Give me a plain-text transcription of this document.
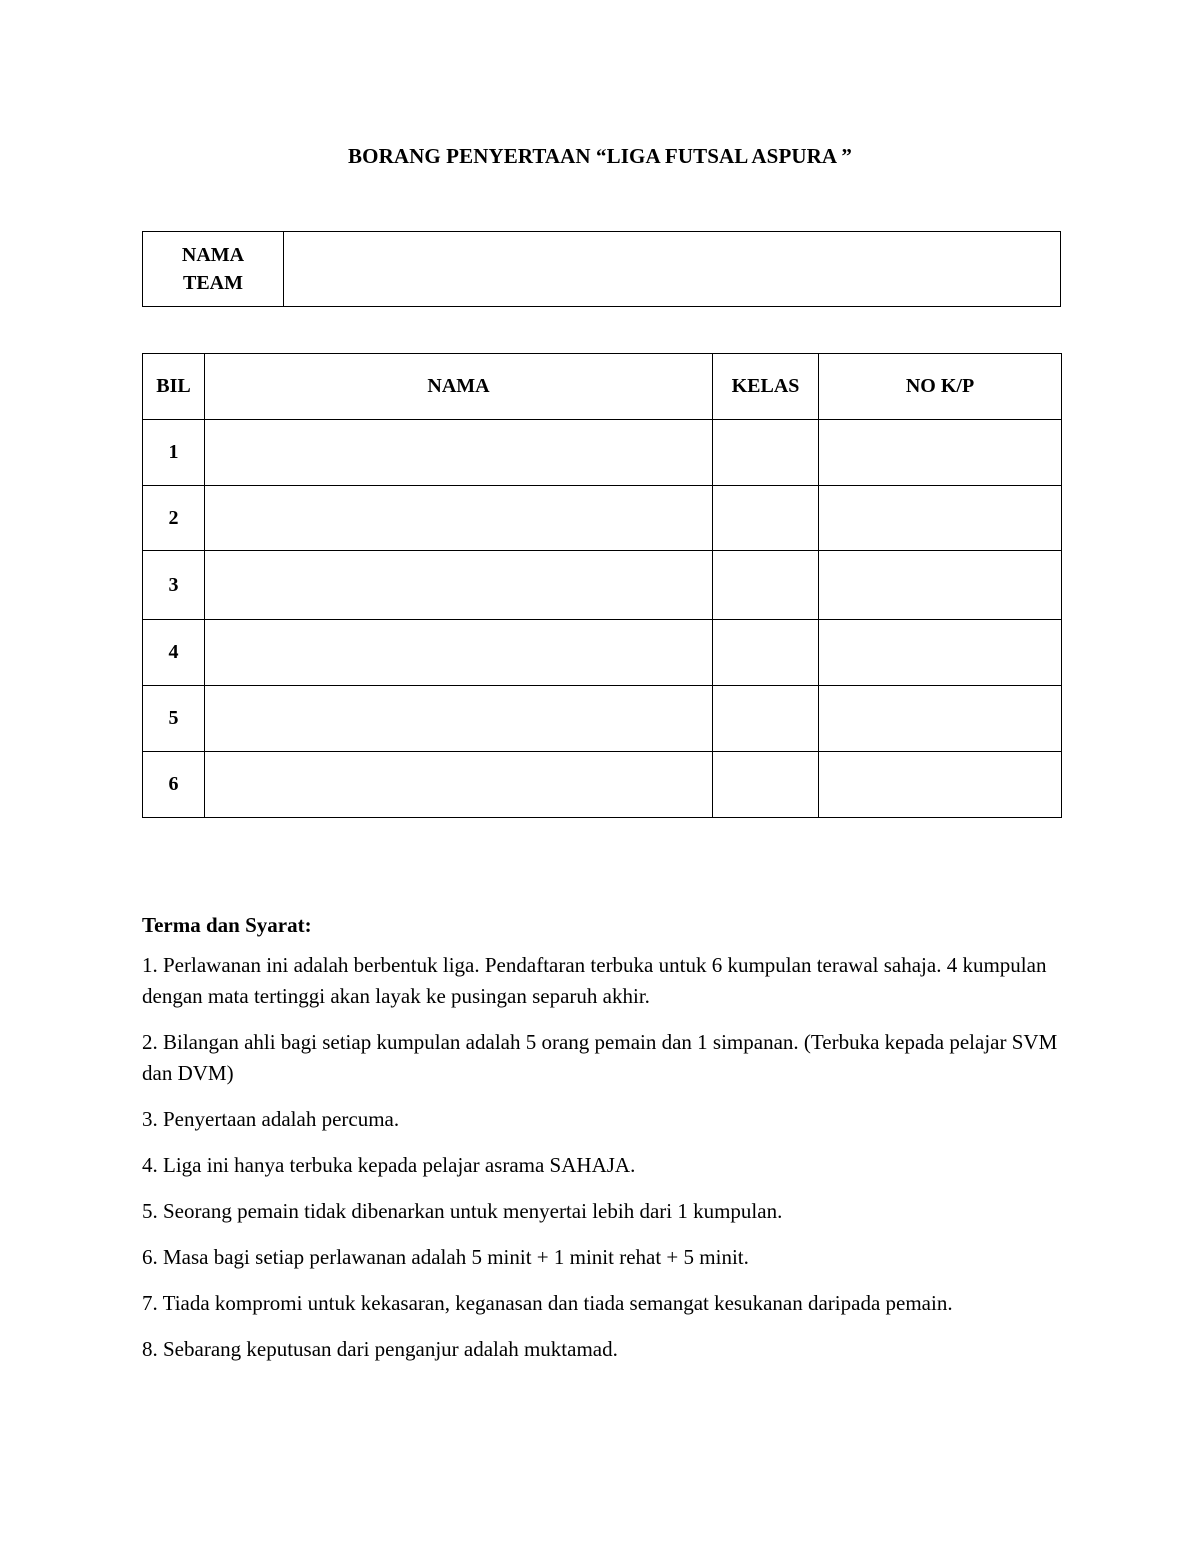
BORANG PENYERTAAN “LIGA FUTSAL ASPURA ”
NAMA
TEAM

BIL	NAMA	KELAS	NO K/P
1			
2			
3			
4			
5			
6			
Terma dan Syarat:
1. Perlawanan ini adalah berbentuk liga. Pendaftaran terbuka untuk 6 kumpulan terawal sahaja. 4 kumpulan dengan mata tertinggi akan layak ke pusingan separuh akhir.
2. Bilangan ahli bagi setiap kumpulan adalah 5 orang pemain dan 1 simpanan. (Terbuka kepada pelajar SVM dan DVM)
3. Penyertaan adalah percuma.
4. Liga ini hanya terbuka kepada pelajar asrama SAHAJA.
5. Seorang pemain tidak dibenarkan untuk menyertai lebih dari 1 kumpulan.
6. Masa bagi setiap perlawanan adalah 5 minit + 1 minit rehat + 5 minit.
7. Tiada kompromi untuk kekasaran, keganasan dan tiada semangat kesukanan daripada pemain.
8. Sebarang keputusan dari penganjur adalah muktamad.
